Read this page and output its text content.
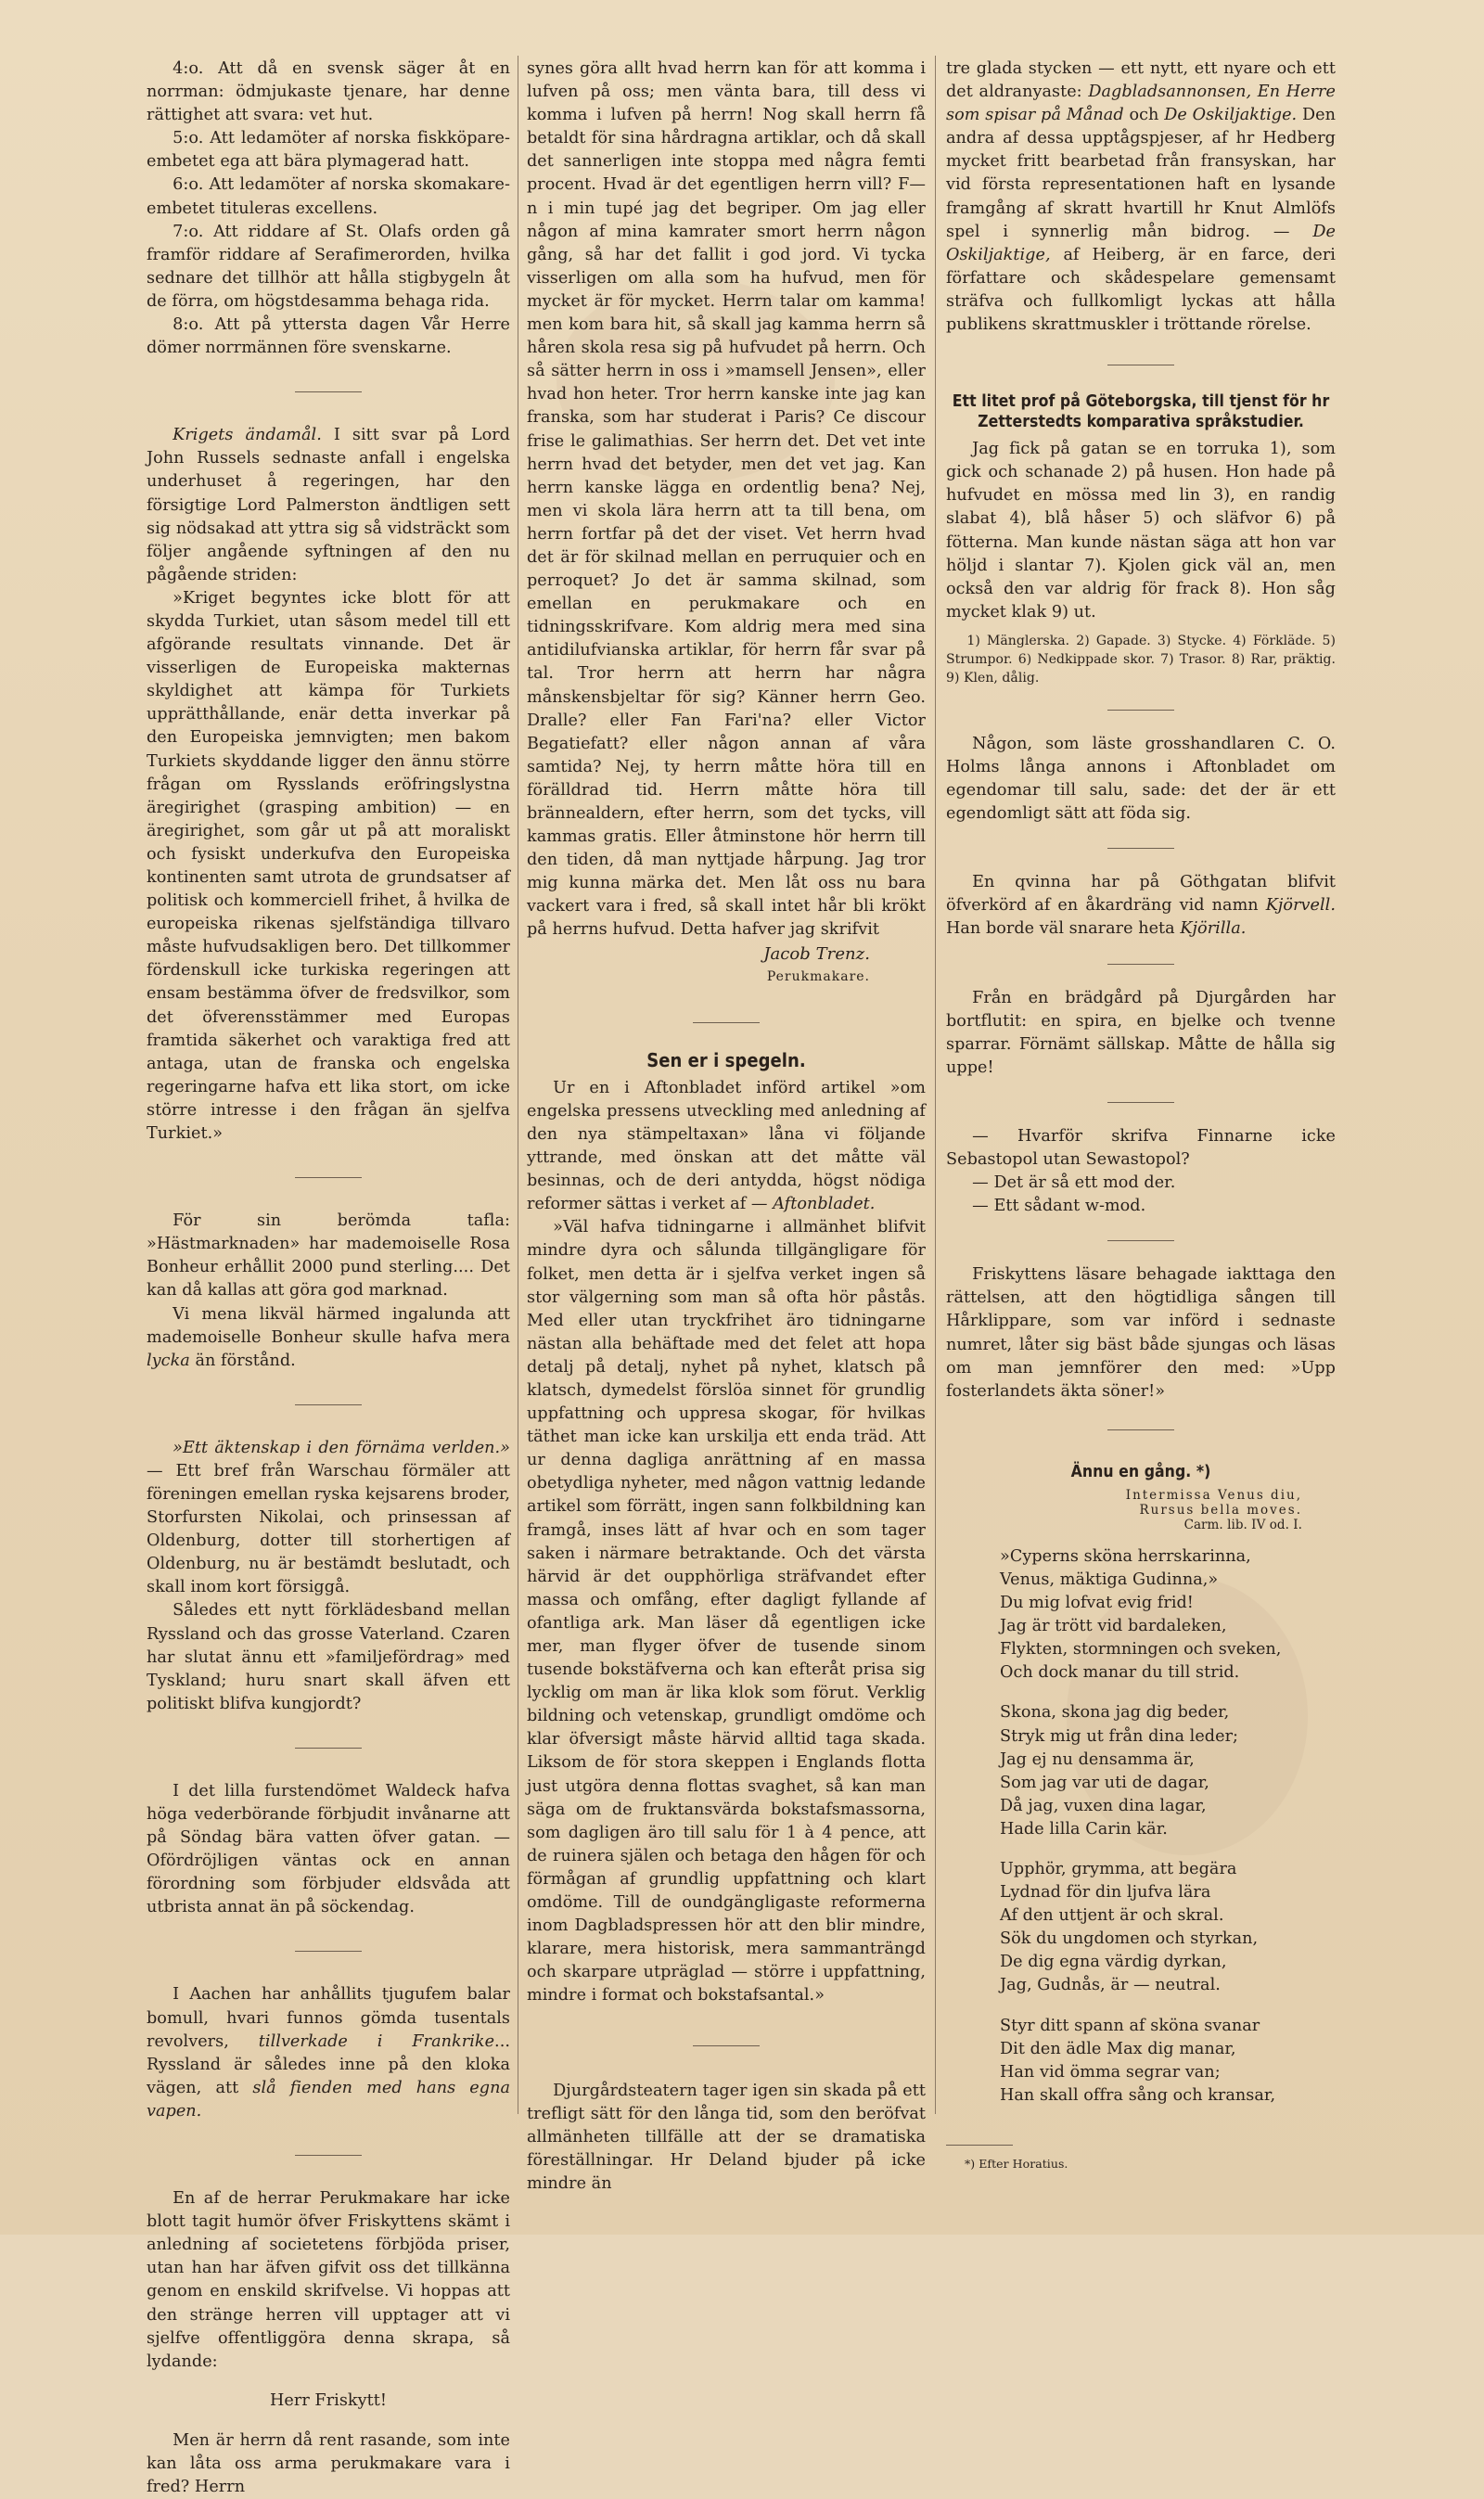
4:o. Att då en svensk säger åt en norrman: ödmjukaste tjenare, har denne rättighet att svara: vet hut.

5:o. Att ledamöter af norska fiskköpare-embetet ega att bära plymagerad hatt.

6:o. Att ledamöter af norska skomakare-embetet tituleras excellens.

7:o. Att riddare af St. Olafs orden gå framför riddare af Serafimerorden, hvilka sednare det tillhör att hålla stigbygeln åt de förra, om högstdesamma behaga rida.

8:o. Att på yttersta dagen Vår Herre dömer norrmännen före svenskarne.

Krigets ändamål. I sitt svar på Lord John Russels sednaste anfall i engelska underhuset å regeringen, har den försigtige Lord Palmerston ändtligen sett sig nödsakad att yttra sig så vidsträckt som följer angående syftningen af den nu pågående striden:

»Kriget begyntes icke blott för att skydda Turkiet, utan såsom medel till ett afgörande resultats vinnande. Det är visserligen de Europeiska makternas skyldighet att kämpa för Turkiets upprätthållande, enär detta inverkar på den Europeiska jemnvigten; men bakom Turkiets skyddande ligger den ännu större frågan om Rysslands eröfringslystna äregirighet (grasping ambition) — en äregirighet, som går ut på att moraliskt och fysiskt underkufva den Europeiska kontinenten samt utrota de grundsatser af politisk och kommerciell frihet, å hvilka de europeiska rikenas sjelfständiga tillvaro måste hufvudsakligen bero. Det tillkommer fördenskull icke turkiska regeringen att ensam bestämma öfver de fredsvilkor, som det öfverensstämmer med Europas framtida säkerhet och varaktiga fred att antaga, utan de franska och engelska regeringarne hafva ett lika stort, om icke större intresse i den frågan än sjelfva Turkiet.»

För sin berömda tafla: »Hästmarknaden» har mademoiselle Rosa Bonheur erhållit 2000 pund sterling.... Det kan då kallas att göra god marknad.

Vi mena likväl härmed ingalunda att mademoiselle Bonheur skulle hafva mera lycka än förstånd.

»Ett äktenskap i den förnäma verlden.» — Ett bref från Warschau förmäler att föreningen emellan ryska kejsarens broder, Storfursten Nikolai, och prinsessan af Oldenburg, dotter till storhertigen af Oldenburg, nu är bestämdt beslutadt, och skall inom kort försiggå.

Således ett nytt förklädesband mellan Ryssland och das grosse Vaterland. Czaren har slutat ännu ett »familjefördrag» med Tyskland; huru snart skall äfven ett politiskt blifva kungjordt?

I det lilla furstendömet Waldeck hafva höga vederbörande förbjudit invånarne att på Söndag bära vatten öfver gatan. — Ofördröjligen väntas ock en annan förordning som förbjuder eldsvåda att utbrista annat än på söckendag.

I Aachen har anhållits tjugufem balar bomull, hvari funnos gömda tusentals revolvers, tillverkade i Frankrike... Ryssland är således inne på den kloka vägen, att slå fienden med hans egna vapen.

En af de herrar Perukmakare har icke blott tagit humör öfver Friskyttens skämt i anledning af societetens förbjöda priser, utan han har äfven gifvit oss det tillkänna genom en enskild skrifvelse. Vi hoppas att den stränge herren vill upptager att vi sjelfve offentliggöra denna skrapa, så lydande:

Herr Friskytt!

Men är herrn då rent rasande, som inte kan låta oss arma perukmakare vara i fred? Herrn

synes göra allt hvad herrn kan för att komma i lufven på oss; men vänta bara, till dess vi komma i lufven på herrn! Nog skall herrn få betaldt för sina hårdragna artiklar, och då skall det sannerligen inte stoppa med några femti procent. Hvad är det egentligen herrn vill? F—n i min tupé jag det begriper. Om jag eller någon af mina kamrater smort herrn någon gång, så har det fallit i god jord. Vi tycka visserligen om alla som ha hufvud, men för mycket är för mycket. Herrn talar om kamma! men kom bara hit, så skall jag kamma herrn så håren skola resa sig på hufvudet på herrn. Och så sätter herrn in oss i »mamsell Jensen», eller hvad hon heter. Tror herrn kanske inte jag kan franska, som har studerat i Paris? Ce discour frise le galimathias. Ser herrn det. Det vet inte herrn hvad det betyder, men det vet jag. Kan herrn kanske lägga en ordentlig bena? Nej, men vi skola lära herrn att ta till bena, om herrn fortfar på det der viset. Vet herrn hvad det är för skilnad mellan en perruquier och en perroquet? Jo det är samma skilnad, som emellan en perukmakare och en tidningsskrifvare. Kom aldrig mera med sina antidilufvianska artiklar, för herrn får svar på tal. Tror herrn att herrn har några månskensbjeltar för sig? Känner herrn Geo. Dralle? eller Fan Fari'na? eller Victor Begatiefatt? eller någon annan af våra samtida? Nej, ty herrn måtte höra till en förälldrad tid. Herrn måtte höra till brännealdern, efter herrn, som det tycks, vill kammas gratis. Eller åtminstone hör herrn till den tiden, då man nyttjade hårpung. Jag tror mig kunna märka det. Men låt oss nu bara vackert vara i fred, så skall intet hår bli krökt på herrns hufvud. Detta hafver jag skrifvit

Jacob Trenz.
Perukmakare.
Sen er i spegeln.

Ur en i Aftonbladet införd artikel »om engelska pressens utveckling med anledning af den nya stämpeltaxan» låna vi följande yttrande, med önskan att det måtte väl besinnas, och de deri antydda, högst nödiga reformer sättas i verket af — Aftonbladet.

»Väl hafva tidningarne i allmänhet blifvit mindre dyra och sålunda tillgängligare för folket, men detta är i sjelfva verket ingen så stor välgerning som man så ofta hör påstås. Med eller utan tryckfrihet äro tidningarne nästan alla behäftade med det felet att hopa detalj på detalj, nyhet på nyhet, klatsch på klatsch, dymedelst förslöa sinnet för grundlig uppfattning och uppresa skogar, för hvilkas täthet man icke kan urskilja ett enda träd. Att ur denna dagliga anrättning af en massa obetydliga nyheter, med någon vattnig ledande artikel som förrätt, ingen sann folkbildning kan framgå, inses lätt af hvar och en som tager saken i närmare betraktande. Och det värsta härvid är det oupphörliga sträfvandet efter massa och omfång, efter dagligt fyllande af ofantliga ark. Man läser då egentligen icke mer, man flyger öfver de tusende sinom tusende bokstäfverna och kan efteråt prisa sig lycklig om man är lika klok som förut. Verklig bildning och vetenskap, grundligt omdöme och klar öfversigt måste härvid alltid taga skada. Liksom de för stora skeppen i Englands flotta just utgöra denna flottas svaghet, så kan man säga om de fruktansvärda bokstafsmassorna, som dagligen äro till salu för 1 à 4 pence, att de ruinera själen och betaga den hågen för och förmågan af grundlig uppfattning och klart omdöme. Till de oundgängligaste reformerna inom Dagbladspressen hör att den blir mindre, klarare, mera historisk, mera sammanträngd och skarpare utpräglad — större i uppfattning, mindre i format och bokstafsantal.»

Djurgårdsteatern tager igen sin skada på ett trefligt sätt för den långa tid, som den beröfvat allmänheten tillfälle att der se dramatiska föreställningar. Hr Deland bjuder på icke mindre än

tre glada stycken — ett nytt, ett nyare och ett det aldranyaste: Dagbladsannonsen, En Herre som spisar på Månad och De Oskiljaktige. Den andra af dessa upptågspjeser, af hr Hedberg mycket fritt bearbetad från fransyskan, har vid första representationen haft en lysande framgång af skratt hvartill hr Knut Almlöfs spel i synnerlig mån bidrog. — De Oskiljaktige, af Heiberg, är en farce, deri författare och skådespelare gemensamt sträfva och fullkomligt lyckas att hålla publikens skrattmuskler i tröttande rörelse.

Ett litet prof på Göteborgska, till tjenst för hr Zetterstedts komparativa språkstudier.

Jag fick på gatan se en torruka 1), som gick och schanade 2) på husen. Hon hade på hufvudet en mössa med lin 3), en randig slabat 4), blå håser 5) och släfvor 6) på fötterna. Man kunde nästan säga att hon var höljd i slantar 7). Kjolen gick väl an, men också den var aldrig för frack 8). Hon såg mycket klak 9) ut.

1) Mänglerska. 2) Gapade. 3) Stycke. 4) Förkläde. 5) Strumpor. 6) Nedkippade skor. 7) Trasor. 8) Rar, präktig. 9) Klen, dålig.

Någon, som läste grosshandlaren C. O. Holms långa annons i Aftonbladet om egendomar till salu, sade: det der är ett egendomligt sätt att föda sig.

En qvinna har på Göthgatan blifvit öfverkörd af en åkardräng vid namn Kjörvell. Han borde väl snarare heta Kjörilla.

Från en brädgård på Djurgården har bortflutit: en spira, en bjelke och tvenne sparrar. Förnämt sällskap. Måtte de hålla sig uppe!

— Hvarför skrifva Finnarne icke Sebastopol utan Sewastopol?

— Det är så ett mod der.

— Ett sådant w-mod.

Friskyttens läsare behagade iakttaga den rättelsen, att den högtidliga sången till Hårklippare, som var införd i sednaste numret, låter sig bäst både sjungas och läsas om man jemnförer den med: »Upp fosterlandets äkta söner!»

Ännu en gång. *)
Intermissa Venus diu,
Rursus bella moves.
Carm. lib. IV od. I.

»Cyperns sköna herrskarinna,

Venus, mäktiga Gudinna,»

Du mig lofvat evig frid!

Jag är trött vid bardaleken,

Flykten, stormningen och sveken,

Och dock manar du till strid.

Skona, skona jag dig beder,

Stryk mig ut från dina leder;

Jag ej nu densamma är,

Som jag var uti de dagar,

Då jag, vuxen dina lagar,

Hade lilla Carin kär.

Upphör, grymma, att begära

Lydnad för din ljufva lära

Af den uttjent är och skral.

Sök du ungdomen och styrkan,

De dig egna värdig dyrkan,

Jag, Gudnås, är — neutral.

Styr ditt spann af sköna svanar

Dit den ädle Max dig manar,

Han vid ömma segrar van;

Han skall offra sång och kransar,

*) Efter Horatius.
